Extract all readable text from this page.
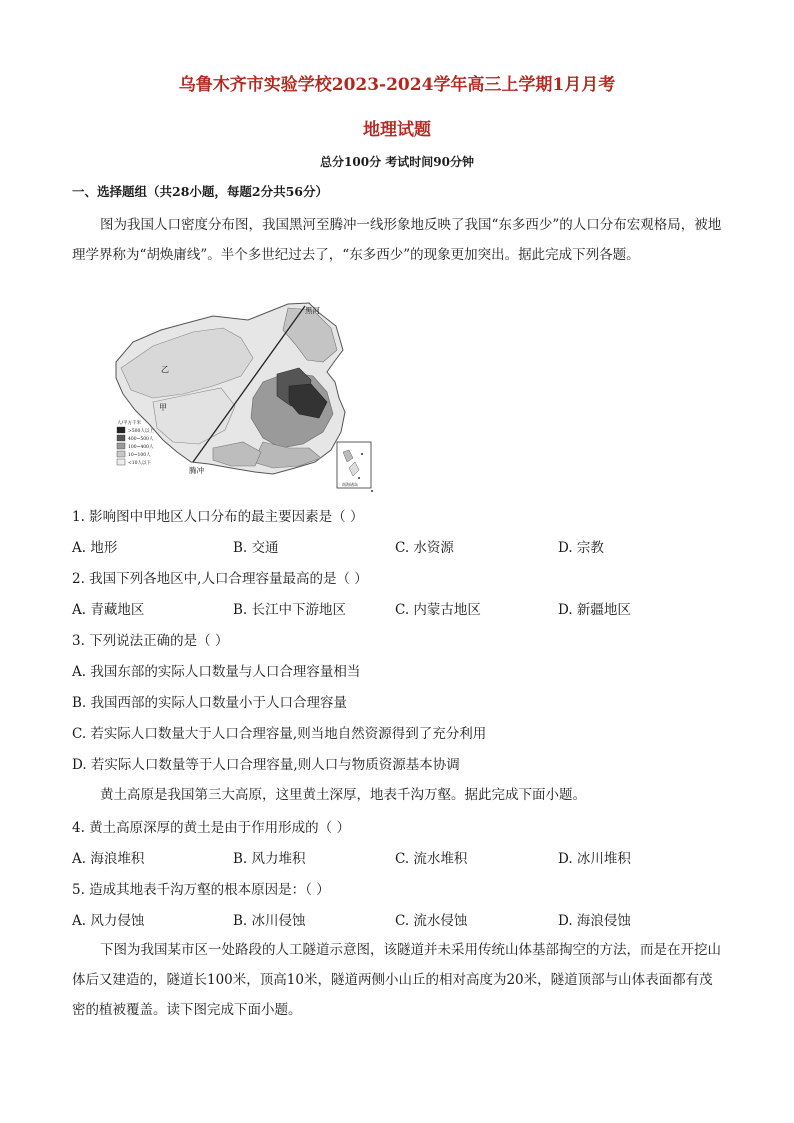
乌鲁木齐市实验学校2023-2024学年高三上学期1月月考
地理试题
总分100分 考试时间90分钟
一、选择题组（共28小题，每题2分共56分）

图为我国人口密度分布图，我国黑河至腾冲一线形象地反映了我国“东多西少”的人口分布宏观格局，被地理学界称为“胡焕庸线”。半个多世纪过去了，“东多西少”的现象更加突出。据此完成下列各题。

黑河
腾冲
乙
甲
人/平方千米
>500人以上
400~500人
100~400人
10~100人
<10人以下
南海诸岛
1. 影响图中甲地区人口分布的最主要因素是（ ）
A. 地形	B. 交通	C. 水资源	D. 宗教
2. 我国下列各地区中,人口合理容量最高的是（ ）
A. 青藏地区	B. 长江中下游地区	C. 内蒙古地区	D. 新疆地区
3. 下列说法正确的是（ ）
A. 我国东部的实际人口数量与人口合理容量相当
B. 我国西部的实际人口数量小于人口合理容量
C. 若实际人口数量大于人口合理容量,则当地自然资源得到了充分利用
D. 若实际人口数量等于人口合理容量,则人口与物质资源基本协调

黄土高原是我国第三大高原，这里黄土深厚，地表千沟万壑。据此完成下面小题。

4. 黄土高原深厚的黄土是由于作用形成的（ ）
A. 海浪堆积	B. 风力堆积	C. 流水堆积	D. 冰川堆积
5. 造成其地表千沟万壑的根本原因是：（ ）
A. 风力侵蚀	B. 冰川侵蚀	C. 流水侵蚀	D. 海浪侵蚀

下图为我国某市区一处路段的人工隧道示意图，该隧道并未采用传统山体基部掏空的方法，而是在开挖山体后又建造的，隧道长100米，顶高10米，隧道两侧小山丘的相对高度为20米，隧道顶部与山体表面都有茂密的植被覆盖。读下图完成下面小题。
